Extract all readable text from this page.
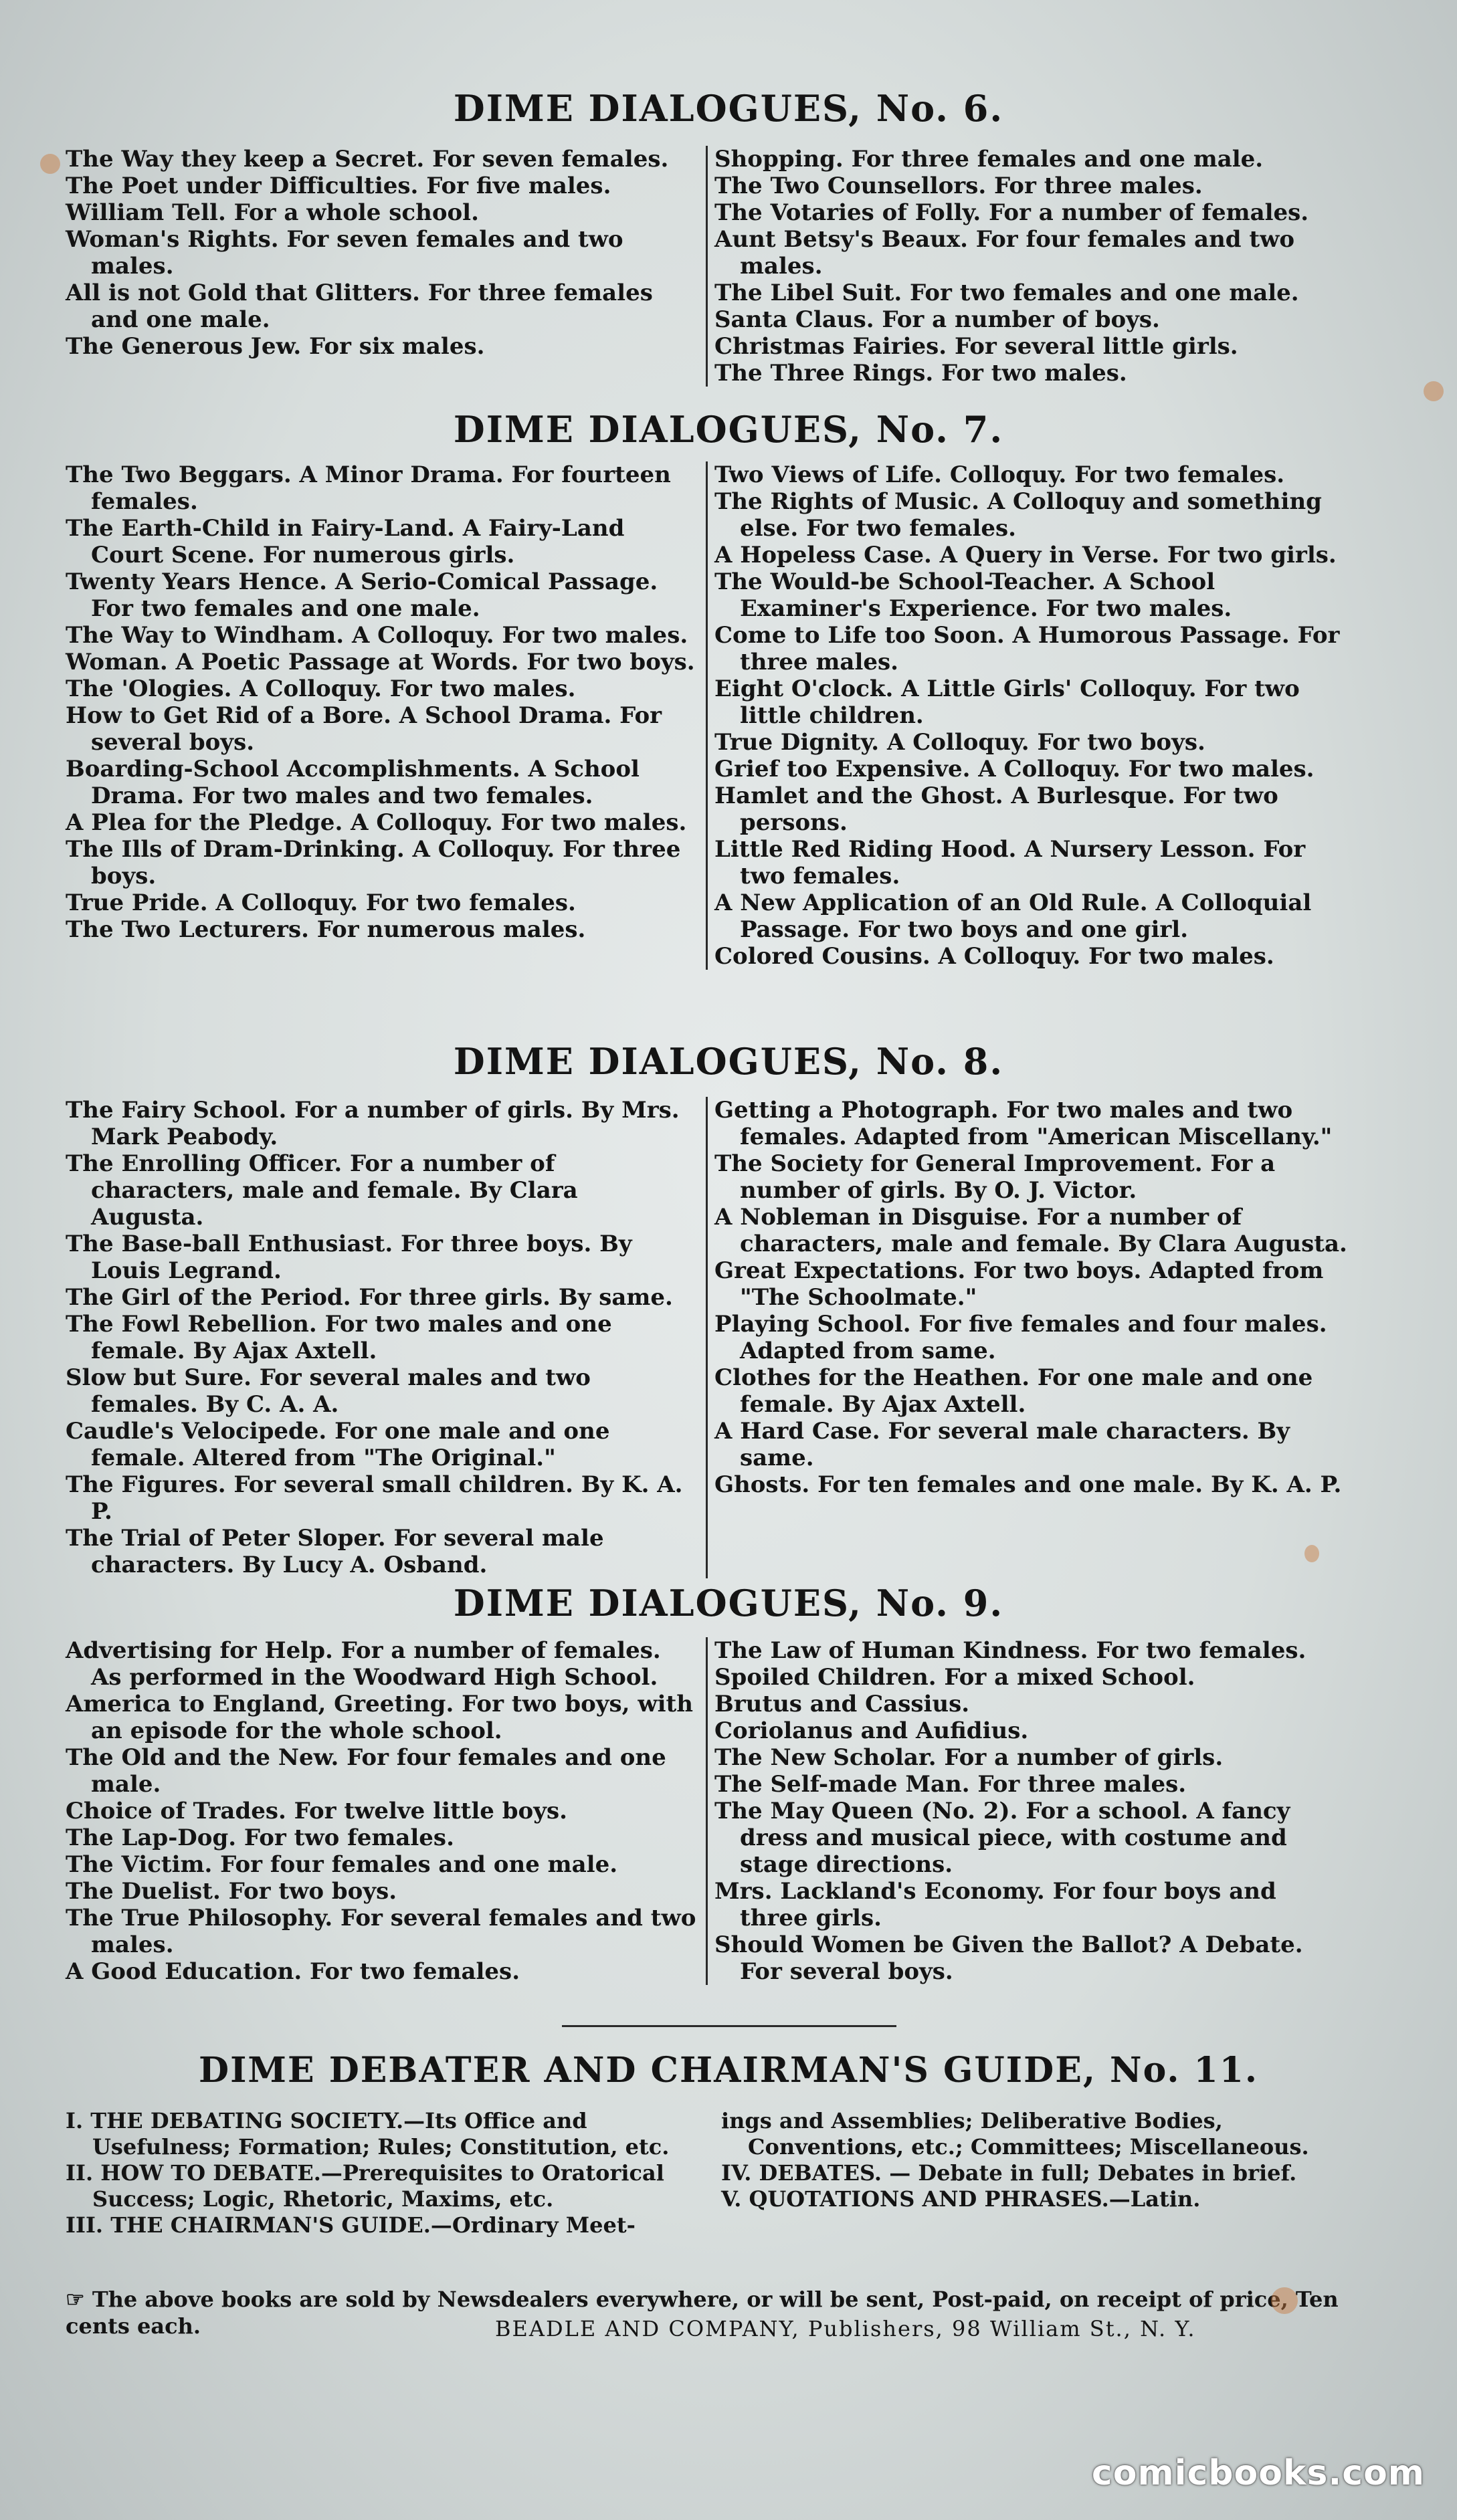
DIME DIALOGUES, No. 6.
The Way they keep a Secret. For seven females.
The Poet under Difficulties. For five males.
William Tell. For a whole school.
Woman's Rights. For seven females and two males.
All is not Gold that Glitters. For three females and one male.
The Generous Jew. For six males.
Shopping. For three females and one male.
The Two Counsellors. For three males.
The Votaries of Folly. For a number of females.
Aunt Betsy's Beaux. For four females and two males.
The Libel Suit. For two females and one male.
Santa Claus. For a number of boys.
Christmas Fairies. For several little girls.
The Three Rings. For two males.
DIME DIALOGUES, No. 7.
The Two Beggars. A Minor Drama. For fourteen females.
The Earth-Child in Fairy-Land. A Fairy-Land Court Scene. For numerous girls.
Twenty Years Hence. A Serio-Comical Passage. For two females and one male.
The Way to Windham. A Colloquy. For two males.
Woman. A Poetic Passage at Words. For two boys.
The 'Ologies. A Colloquy. For two males.
How to Get Rid of a Bore. A School Drama. For several boys.
Boarding-School Accomplishments. A School Drama. For two males and two females.
A Plea for the Pledge. A Colloquy. For two males.
The Ills of Dram-Drinking. A Colloquy. For three boys.
True Pride. A Colloquy. For two females.
The Two Lecturers. For numerous males.
Two Views of Life. Colloquy. For two females.
The Rights of Music. A Colloquy and something else. For two females.
A Hopeless Case. A Query in Verse. For two girls.
The Would-be School-Teacher. A School Examiner's Experience. For two males.
Come to Life too Soon. A Humorous Passage. For three males.
Eight O'clock. A Little Girls' Colloquy. For two little children.
True Dignity. A Colloquy. For two boys.
Grief too Expensive. A Colloquy. For two males.
Hamlet and the Ghost. A Burlesque. For two persons.
Little Red Riding Hood. A Nursery Lesson. For two females.
A New Application of an Old Rule. A Colloquial Passage. For two boys and one girl.
Colored Cousins. A Colloquy. For two males.
DIME DIALOGUES, No. 8.
The Fairy School. For a number of girls. By Mrs. Mark Peabody.
The Enrolling Officer. For a number of characters, male and female. By Clara Augusta.
The Base-ball Enthusiast. For three boys. By Louis Legrand.
The Girl of the Period. For three girls. By same.
The Fowl Rebellion. For two males and one female. By Ajax Axtell.
Slow but Sure. For several males and two females. By C. A. A.
Caudle's Velocipede. For one male and one female. Altered from "The Original."
The Figures. For several small children. By K. A. P.
The Trial of Peter Sloper. For several male characters. By Lucy A. Osband.
Getting a Photograph. For two males and two females. Adapted from "American Miscellany."
The Society for General Improvement. For a number of girls. By O. J. Victor.
A Nobleman in Disguise. For a number of characters, male and female. By Clara Augusta.
Great Expectations. For two boys. Adapted from "The Schoolmate."
Playing School. For five females and four males. Adapted from same.
Clothes for the Heathen. For one male and one female. By Ajax Axtell.
A Hard Case. For several male characters. By same.
Ghosts. For ten females and one male. By K. A. P.
DIME DIALOGUES, No. 9.
Advertising for Help. For a number of females. As performed in the Woodward High School.
America to England, Greeting. For two boys, with an episode for the whole school.
The Old and the New. For four females and one male.
Choice of Trades. For twelve little boys.
The Lap-Dog. For two females.
The Victim. For four females and one male.
The Duelist. For two boys.
The True Philosophy. For several females and two males.
A Good Education. For two females.
The Law of Human Kindness. For two females.
Spoiled Children. For a mixed School.
Brutus and Cassius.
Coriolanus and Aufidius.
The New Scholar. For a number of girls.
The Self-made Man. For three males.
The May Queen (No. 2). For a school. A fancy dress and musical piece, with costume and stage directions.
Mrs. Lackland's Economy. For four boys and three girls.
Should Women be Given the Ballot? A Debate. For several boys.
DIME DEBATER AND CHAIRMAN'S GUIDE, No. 11.
I. THE DEBATING SOCIETY.—Its Office and Usefulness; Formation; Rules; Constitution, etc.
II. HOW TO DEBATE.—Prerequisites to Oratorical Success; Logic, Rhetoric, Maxims, etc.
III. THE CHAIRMAN'S GUIDE.—Ordinary Meet-
ings and Assemblies; Deliberative Bodies, Conventions, etc.; Committees; Miscellaneous.
IV. DEBATES. — Debate in full; Debates in brief.
V. QUOTATIONS AND PHRASES.—Latin.
☞ The above books are sold by Newsdealers everywhere, or will be sent, Post-paid, on receipt of price, Ten cents each.	BEADLE AND COMPANY, Publishers, 98 William St., N. Y.
comicbooks.com
